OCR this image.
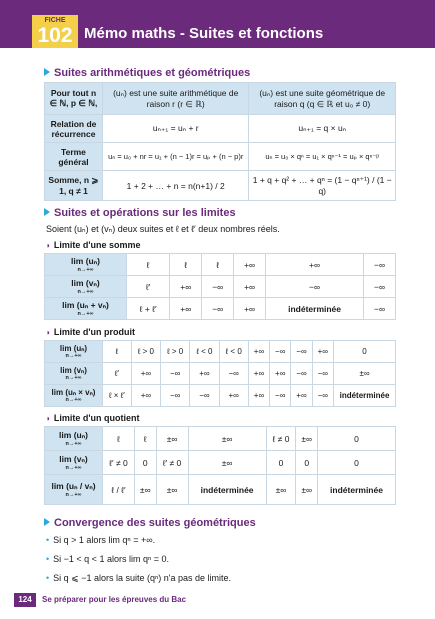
FICHE
102 Mémo maths - Suites et fonctions
Suites arithmétiques et géométriques
Pour tout n ∈ ℕ, p ∈ ℕ,	(uₙ) est une suite arithmétique de raison r (r ∈ ℝ)	(uₙ) est une suite géométrique de raison q (q ∈ ℝ et u₀ ≠ 0)
Relation de récurrence	uₙ₊₁ = uₙ + r	uₙ₊₁ = q × uₙ
Terme général	uₙ = u₀ + nr = u₁ + (n − 1)r = uₚ + (n − p)r	uₙ = u₀ × qⁿ = u₁ × qⁿ⁻¹ = uₚ × qⁿ⁻ᵖ
Somme, n ⩾ 1, q ≠ 1	1 + 2 + … + n = n(n+1) / 2	1 + q + q² + … + qⁿ = (1 − qⁿ⁺¹) / (1 − q)
Suites et opérations sur les limites
Soient (uₙ) et (vₙ) deux suites et ℓ et ℓ′ deux nombres réels.
◗ Limite d'une somme
lim (uₙ)
n→+∞	ℓ	ℓ	ℓ	+∞	+∞	−∞
lim (vₙ)
n→+∞	ℓ′	+∞	−∞	+∞	−∞	−∞
lim (uₙ + vₙ)
n→+∞	ℓ + ℓ′	+∞	−∞	+∞	indéterminée	−∞
◗ Limite d'un produit
lim (uₙ)
n→+∞	ℓ	ℓ > 0	ℓ > 0	ℓ < 0	ℓ < 0	+∞	−∞	−∞	+∞	0
lim (vₙ)
n→+∞	ℓ′	+∞	−∞	+∞	−∞	+∞	+∞	−∞	−∞	±∞
lim (uₙ × vₙ)
n→+∞	ℓ × ℓ′	+∞	−∞	−∞	+∞	+∞	−∞	+∞	−∞	indéterminée
◗ Limite d'un quotient
lim (uₙ)
n→+∞	ℓ	ℓ	±∞	±∞	ℓ ≠ 0	±∞	0
lim (vₙ)
n→+∞	ℓ′ ≠ 0	0	ℓ′ ≠ 0	±∞	0	0	0
lim (uₙ / vₙ)
n→+∞	ℓ / ℓ′	±∞	±∞	indéterminée	±∞	±∞	indéterminée
Convergence des suites géométriques
• Si q > 1 alors lim qⁿ = +∞.
• Si −1 < q < 1 alors lim qⁿ = 0.
• Si q ⩽ −1 alors la suite (qⁿ) n'a pas de limite.
124	Se préparer pour les épreuves du Bac
